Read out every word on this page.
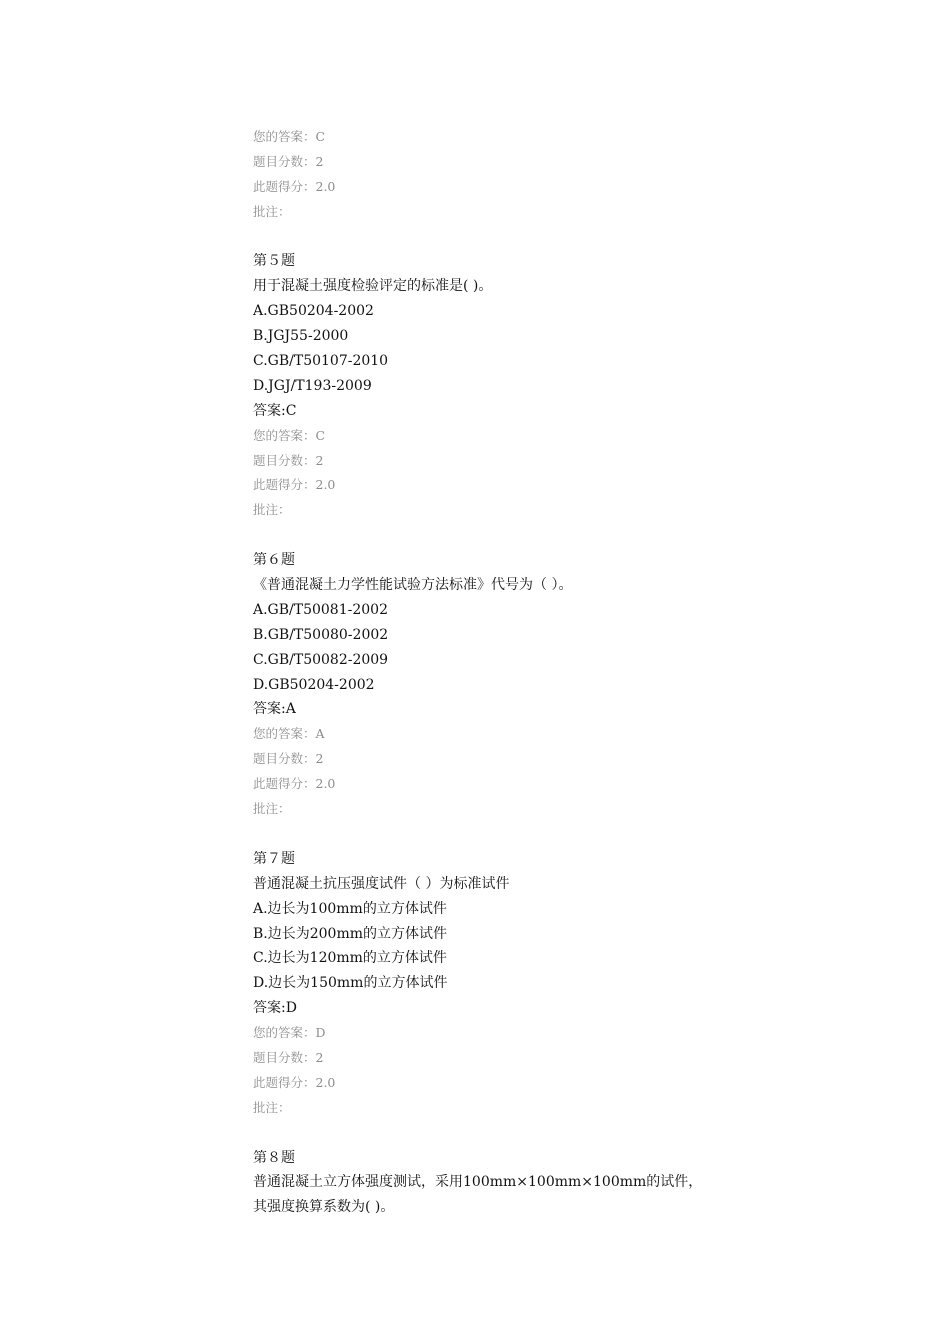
您的答案：C
题目分数：2
此题得分：2.0
批注：
第５题
用于混凝土强度检验评定的标准是( )。
A.GB50204-2002
B.JGJ55-2000
C.GB/T50107-2010
D.JGJ/T193-2009
答案:C
您的答案：C
题目分数：2
此题得分：2.0
批注：
第６题
《普通混凝土力学性能试验方法标准》代号为（ ）。
A.GB/T50081-2002
B.GB/T50080-2002
C.GB/T50082-2009
D.GB50204-2002
答案:A
您的答案：A
题目分数：2
此题得分：2.0
批注：
第７题
普通混凝土抗压强度试件（ ）为标准试件
A.边长为100mm的立方体试件
B.边长为200mm的立方体试件
C.边长为120mm的立方体试件
D.边长为150mm的立方体试件
答案:D
您的答案：D
题目分数：2
此题得分：2.0
批注：
第８题
普通混凝土立方体强度测试，采用100mm×100mm×100mm的试件，
其强度换算系数为( )。
